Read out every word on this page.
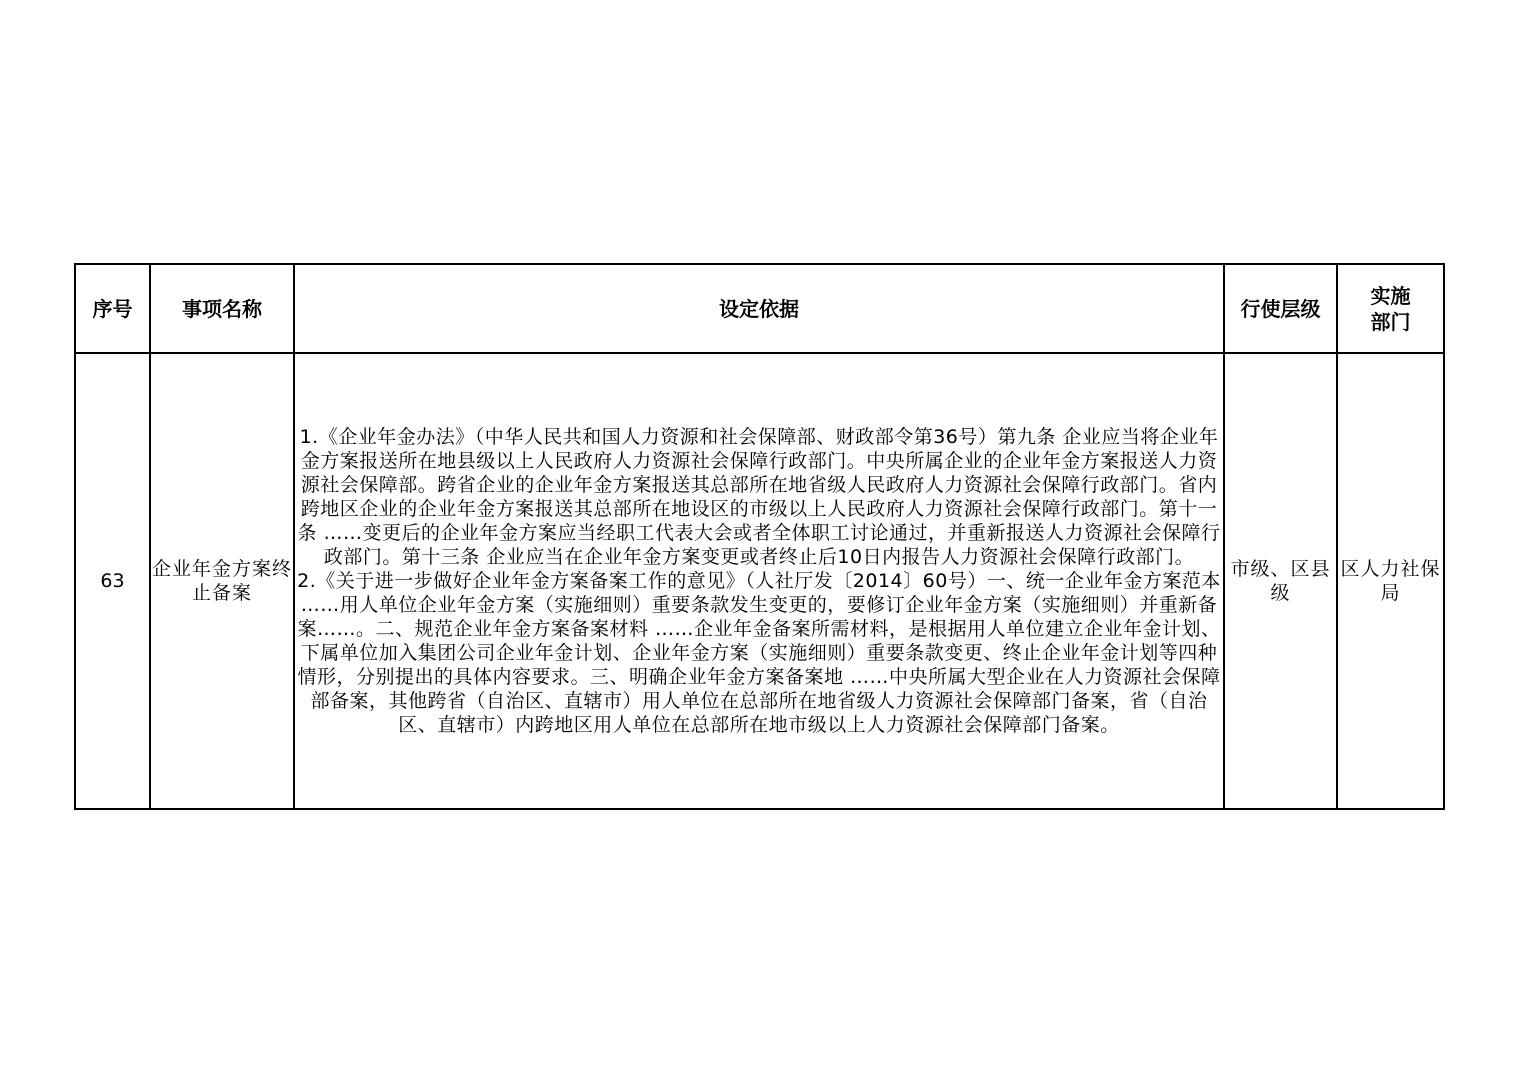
序号	事项名称	设定依据	行使层级	实施
部门

63	企业年金方案终止备案	1.《企业年金办法》（中华人民共和国人力资源和社会保障部、财政部令第36号）第九条 企业应当将企业年金方案报送所在地县级以上人民政府人力资源社会保障行政部门。中央所属企业的企业年金方案报送人力资源社会保障部。跨省企业的企业年金方案报送其总部所在地省级人民政府人力资源社会保障行政部门。省内跨地区企业的企业年金方案报送其总部所在地设区的市级以上人民政府人力资源社会保障行政部门。第十一条 ……变更后的企业年金方案应当经职工代表大会或者全体职工讨论通过，并重新报送人力资源社会保障行政部门。第十三条 企业应当在企业年金方案变更或者终止后10日内报告人力资源社会保障行政部门。
2.《关于进一步做好企业年金方案备案工作的意见》（人社厅发〔2014〕60号）一、统一企业年金方案范本 ……用人单位企业年金方案（实施细则）重要条款发生变更的，要修订企业年金方案（实施细则）并重新备案……。二、规范企业年金方案备案材料 ……企业年金备案所需材料，是根据用人单位建立企业年金计划、下属单位加入集团公司企业年金计划、企业年金方案（实施细则）重要条款变更、终止企业年金计划等四种情形，分别提出的具体内容要求。三、明确企业年金方案备案地 ……中央所属大型企业在人力资源社会保障部备案，其他跨省（自治区、直辖市）用人单位在总部所在地省级人力资源社会保障部门备案，省（自治区、直辖市）内跨地区用人单位在总部所在地市级以上人力资源社会保障部门备案。	市级、区县级	区人力社保局
